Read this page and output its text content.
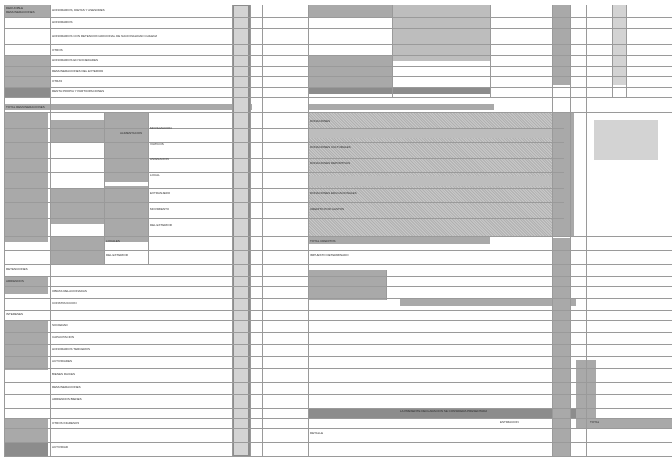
DEDUCIBLE
REMUNERACIONES	HONORARIOS, DIETAS Y ASESORES
HONORARIOS
HONORARIOS CON RETENCION ADICIONAL DE NACIONALIDAD CHILENA
OTROS
HONORARIOS EN SOCIEDADES
REMUNERACIONES DEL EXTERIOR
OTRAS
RENTA PROPIA Y PARTICIPACIONES
TOTAL REMUNERACIONES
ALIMENTACION
MOVILIZACION
VIATICOS
ASIGNACION
LOCAL
EXTRANJERO
MOVIMIENTO
DEL EXTERIOR
LOCALES
DEL EXTERIOR
RETENCIONES
ARRIENDOS
OBRAS RELACIONADAS
CONSTRUCCION
INTERESES
SOCIEDAD
CAPACITACION
HONORARIOS TERCEROS
ACTIVIDADES
BIENES RAICES
REMUNERACIONES
ARRIENDOS BIENES
OTROS INGRESOS
ACTIVIDAD
DONACIONES
DONACIONES CULTURALES
DONACIONES DEPORTIVAS
DONACIONES EDUCACIONALES
CREDITO POR GASTOS
TOTAL CREDITOS
IMPUESTO DETERMINADO
LA PRESENTE DECLARACION SE CONSIDERA PRESENTADA
DETALLE
ESTIMACION	TOTAL
